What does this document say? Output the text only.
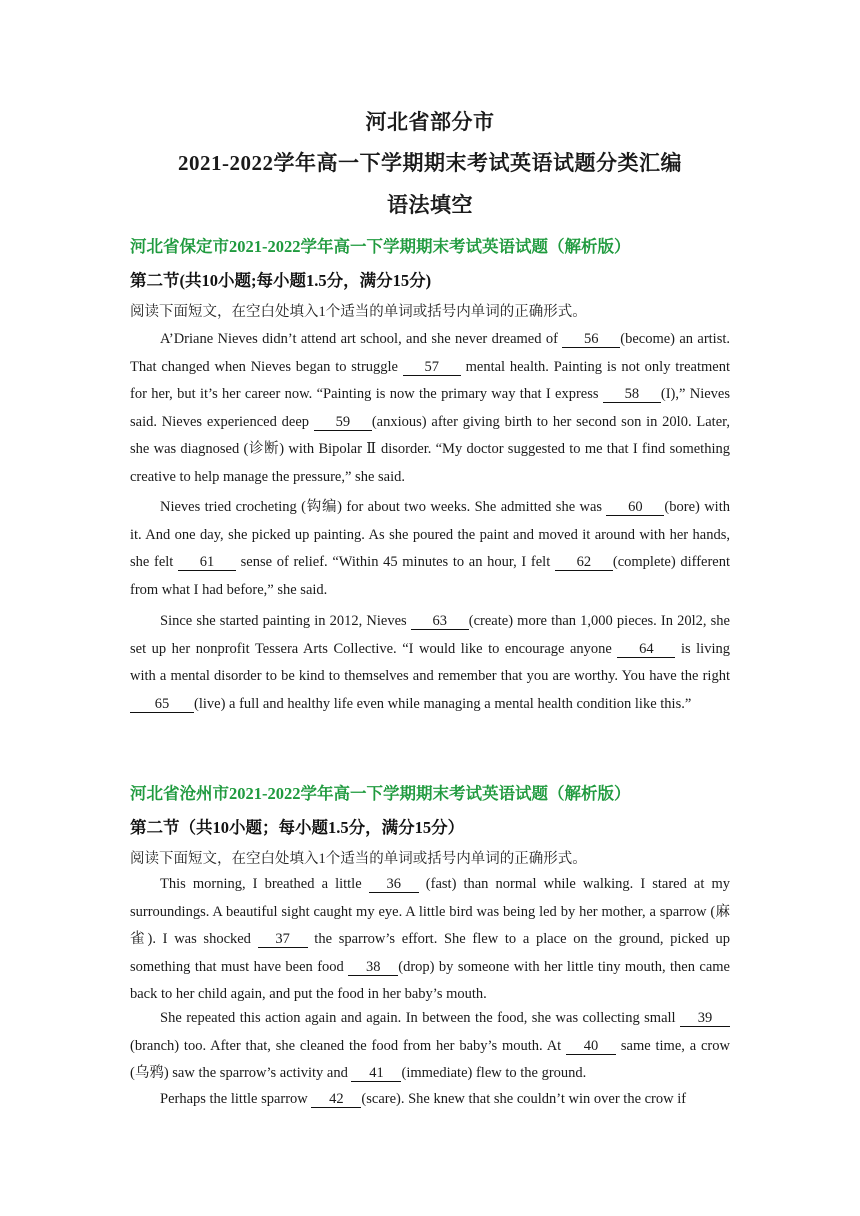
河北省部分市
2021-2022学年高一下学期期末考试英语试题分类汇编
语法填空
河北省保定市2021-2022学年高一下学期期末考试英语试题（解析版）
第二节(共10小题;每小题1.5分，满分15分)
阅读下面短文，在空白处填入1个适当的单词或括号内单词的正确形式。

A’Driane Nieves didn’t attend art school, and she never dreamed of 56 (become) an artist. That changed when Nieves began to struggle 57 mental health. Painting is not only treatment for her, but it’s her career now. “Painting is now the primary way that I express 58 (I),” Nieves said. Nieves experienced deep 59 (anxious) after giving birth to her second son in 20l0. Later, she was diagnosed (诊断) with Bipolar Ⅱ disorder. “My doctor suggested to me that I find something creative to help manage the pressure,” she said.

Nieves tried crocheting (钩编) for about two weeks. She admitted she was 60 (bore) with it. And one day, she picked up painting. As she poured the paint and moved it around with her hands, she felt 61 sense of relief. “Within 45 minutes to an hour, I felt 62 (complete) different from what I had before,” she said.

Since she started painting in 2012, Nieves 63 (create) more than 1,000 pieces. In 20l2, she set up her nonprofit Tessera Arts Collective. “I would like to encourage anyone 64 is living with a mental disorder to be kind to themselves and remember that you are worthy. You have the right 65 (live) a full and healthy life even while managing a mental health condition like this.”

河北省沧州市2021-2022学年高一下学期期末考试英语试题（解析版）
第二节（共10小题；每小题1.5分，满分15分）
阅读下面短文，在空白处填入1个适当的单词或括号内单词的正确形式。

This morning, I breathed a little 36 (fast) than normal while walking. I stared at my surroundings. A beautiful sight caught my eye. A little bird was being led by her mother, a sparrow (麻雀). I was shocked 37 the sparrow’s effort. She flew to a place on the ground, picked up something that must have been food 38 (drop) by someone with her little tiny mouth, then came back to her child again, and put the food in her baby’s mouth.

She repeated this action again and again. In between the food, she was collecting small 39 (branch) too. After that, she cleaned the food from her baby’s mouth. At 40 same time, a crow (乌鸦) saw the sparrow’s activity and 41 (immediate) flew to the ground.

Perhaps the little sparrow 42 (scare). She knew that she couldn’t win over the crow if
